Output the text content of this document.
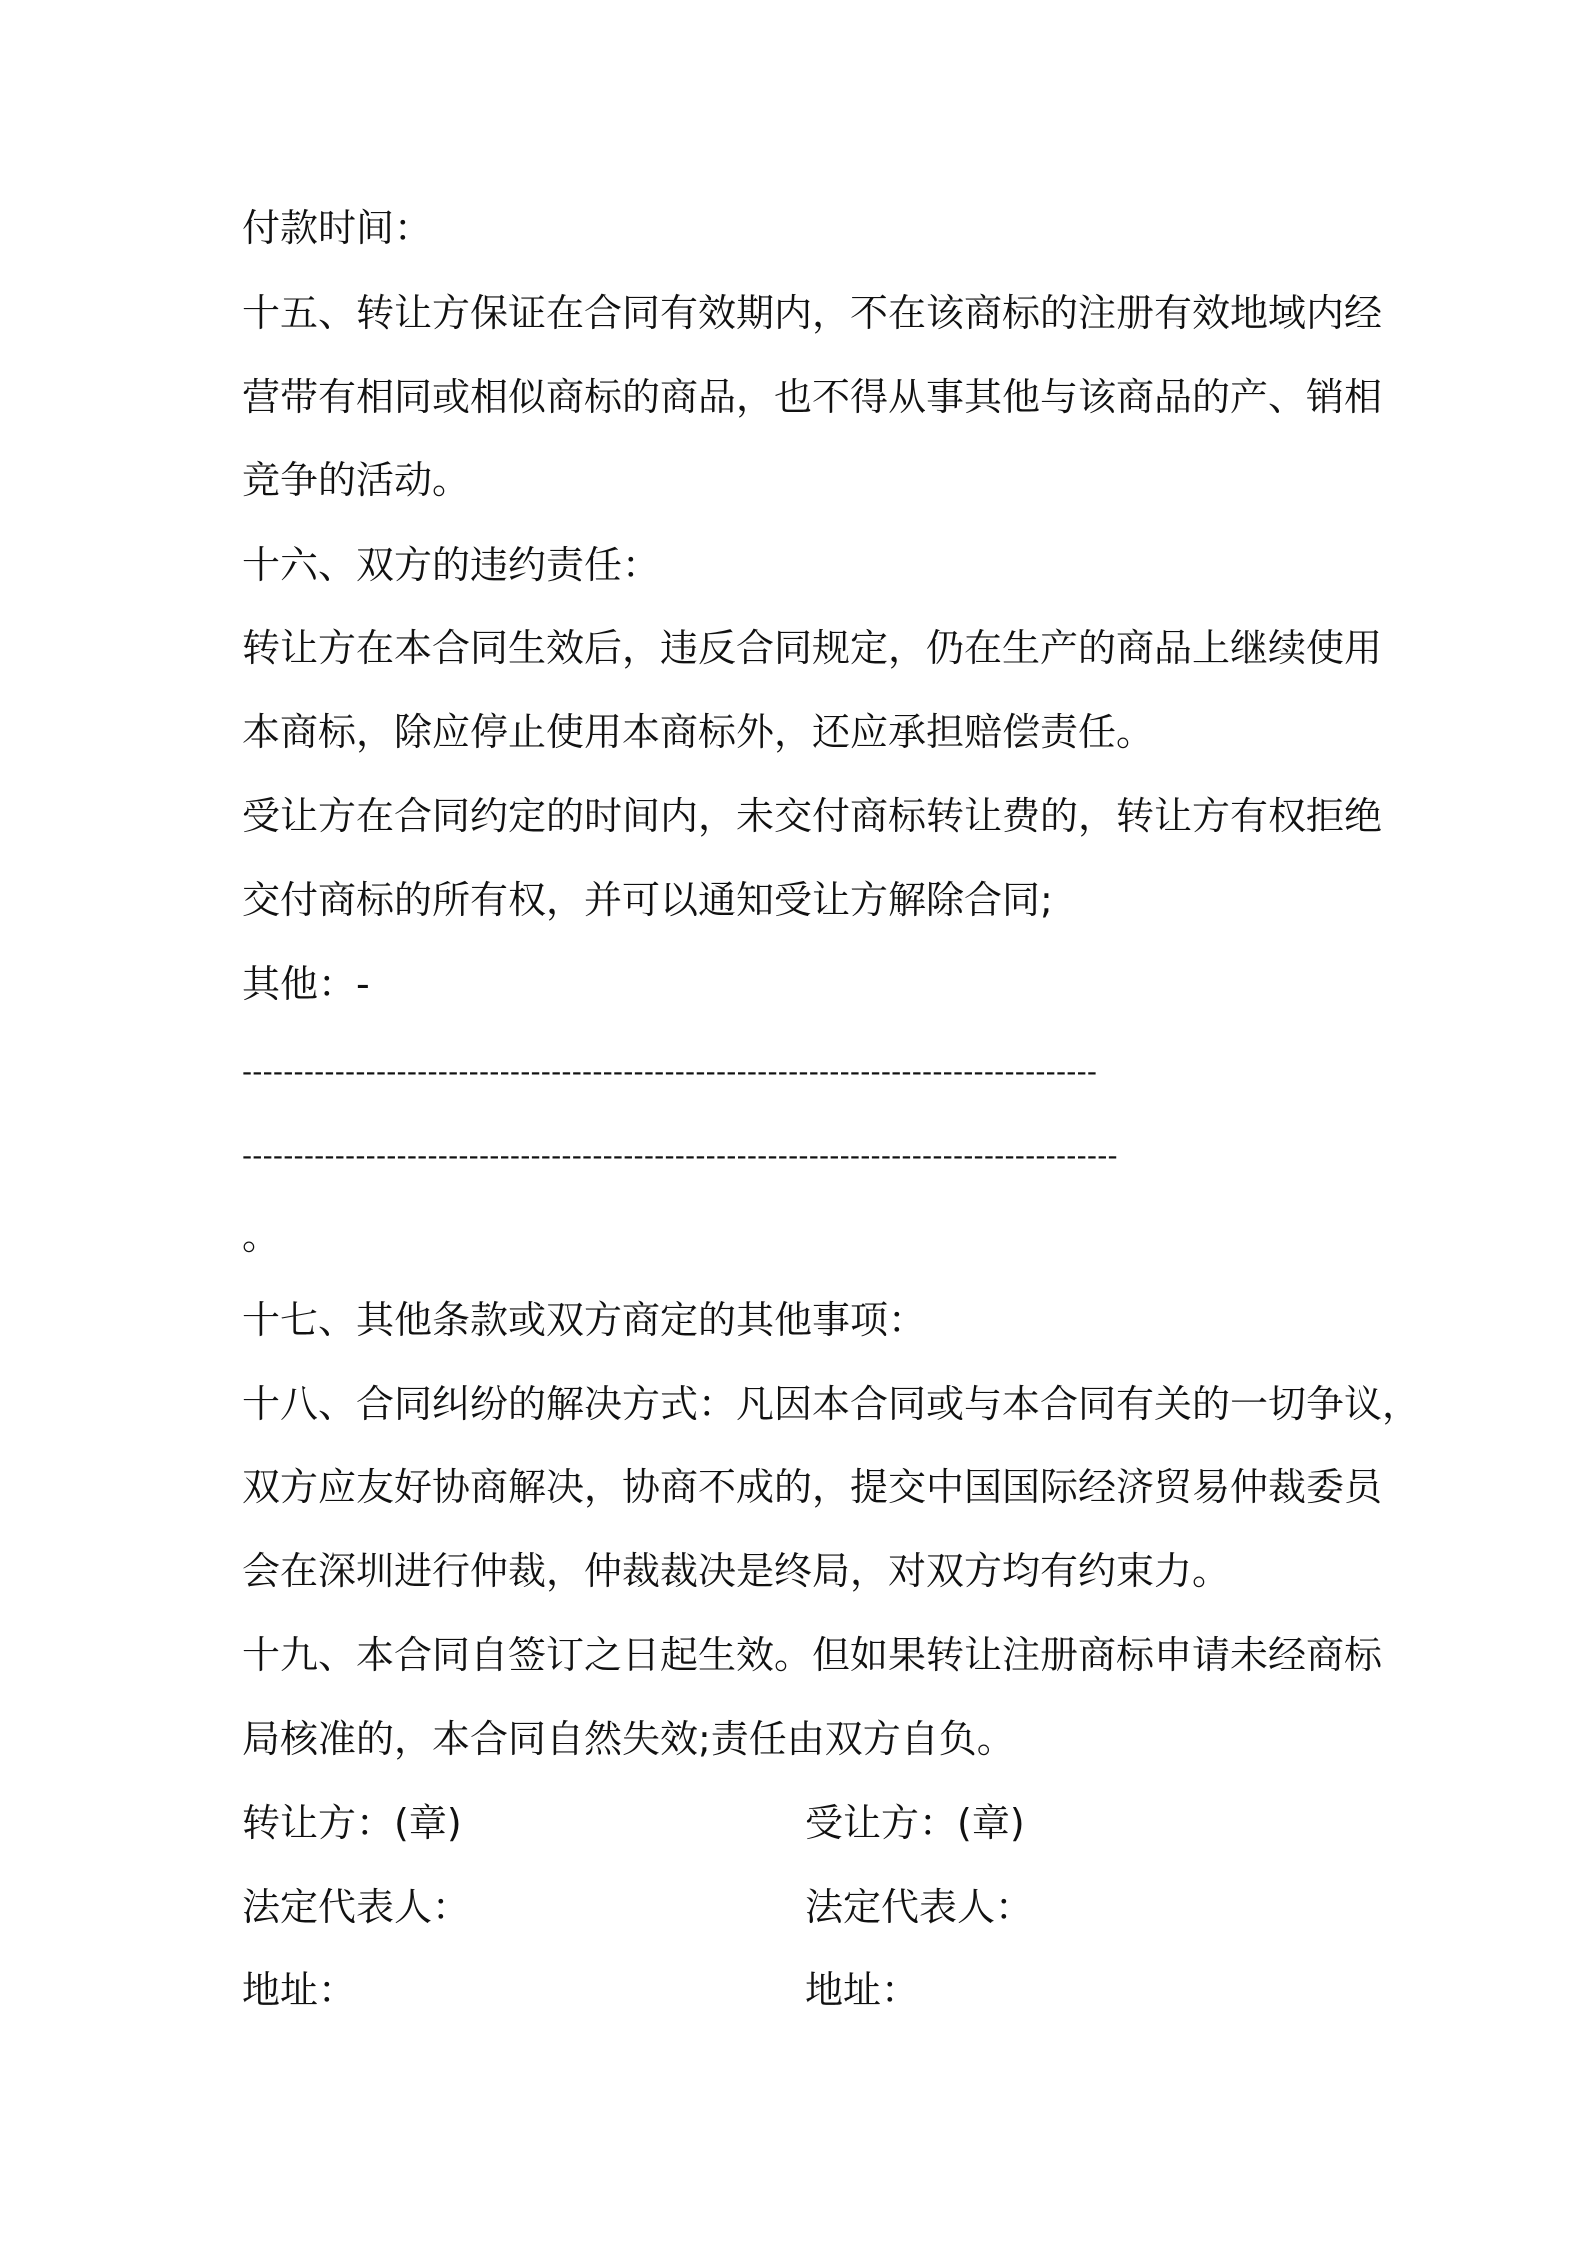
付款时间：
十五、转让方保证在合同有效期内，不在该商标的注册有效地域内经
营带有相同或相似商标的商品，也不得从事其他与该商品的产、销相
竞争的活动。
十六、双方的违约责任：
转让方在本合同生效后，违反合同规定，仍在生产的商品上继续使用
本商标，除应停止使用本商标外，还应承担赔偿责任。
受让方在合同约定的时间内，未交付商标转让费的，转让方有权拒绝
交付商标的所有权，并可以通知受让方解除合同;
其他：-
-----------------------------------------------------------------------------------
-------------------------------------------------------------------------------------
。
十七、其他条款或双方商定的其他事项：
十八、合同纠纷的解决方式：凡因本合同或与本合同有关的一切争议，
双方应友好协商解决，协商不成的，提交中国国际经济贸易仲裁委员
会在深圳进行仲裁，仲裁裁决是终局，对双方均有约束力。
十九、本合同自签订之日起生效。但如果转让注册商标申请未经商标
局核准的，本合同自然失效;责任由双方自负。
转让方：(章)	受让方：(章)
法定代表人：	法定代表人：
地址：	地址：
